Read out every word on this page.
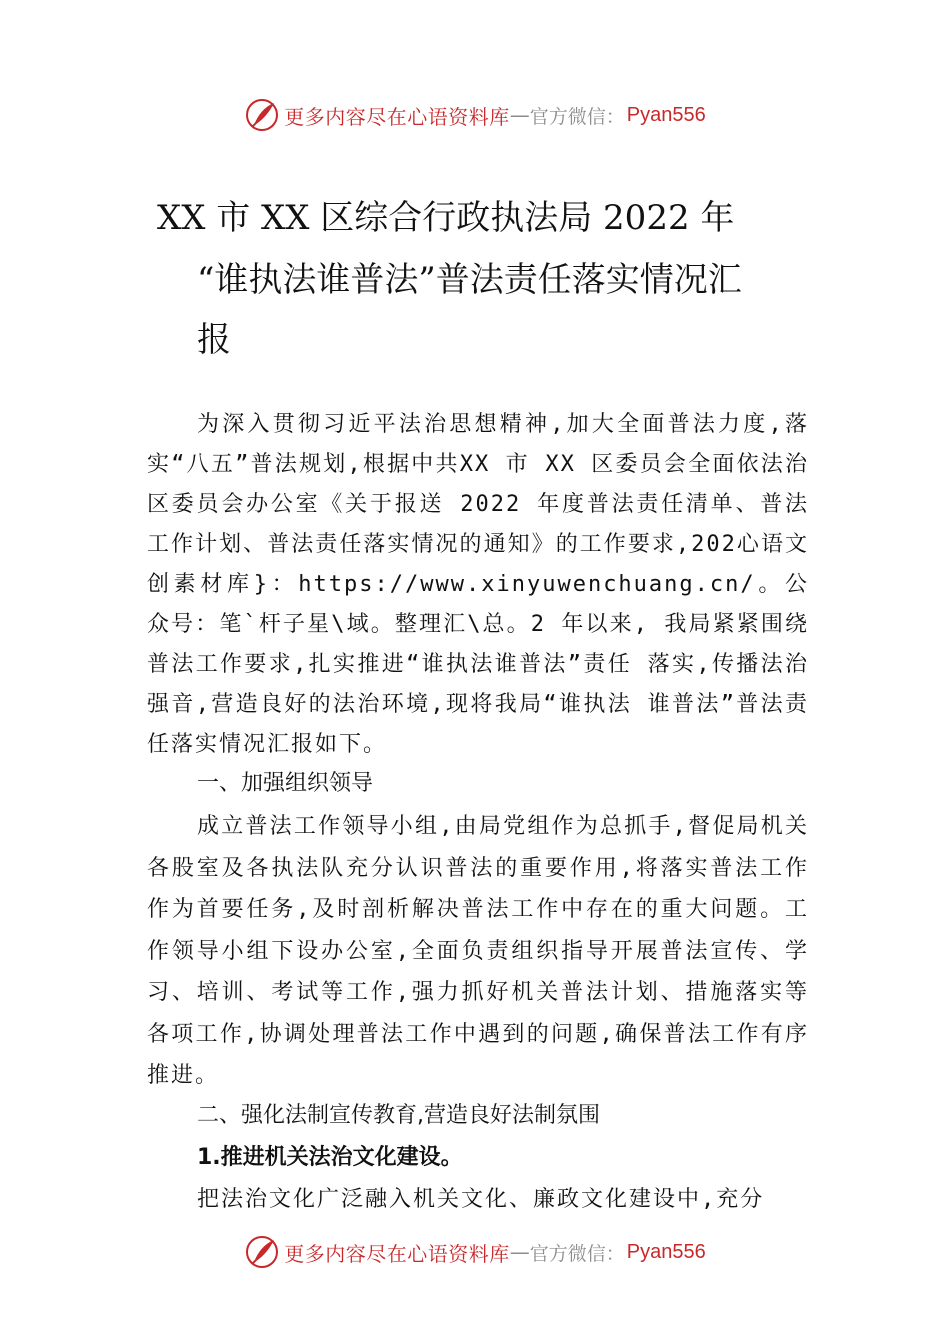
更多内容尽在心语资料库 — 官方微信： Pyan556
XX 市 XX 区综合行政执法局 2022 年
“谁执法谁普法”普法责任落实情况汇
报
为深入贯彻习近平法治思想精神,加大全面普法力度,落实“八五”普法规划,根据中共XX 市 XX 区委员会全面依法治区委员会办公室《关于报送 2022 年度普法责任清单、普法工作计划、普法责任落实情况的通知》的工作要求,202心语文创素材库}：https://www.xinyuwenchuang.cn/。公众号：笔`杆子星\域。整理汇\总。2 年以来, 我局紧紧围绕普法工作要求,扎实推进“谁执法谁普法”责任 落实,传播法治强音,营造良好的法治环境,现将我局“谁执法 谁普法”普法责任落实情况汇报如下。
一、加强组织领导
成立普法工作领导小组,由局党组作为总抓手,督促局机关各股室及各执法队充分认识普法的重要作用,将落实普法工作作为首要任务,及时剖析解决普法工作中存在的重大问题。工作领导小组下设办公室,全面负责组织指导开展普法宣传、学习、培训、考试等工作,强力抓好机关普法计划、措施落实等各项工作,协调处理普法工作中遇到的问题,确保普法工作有序推进。
二、强化法制宣传教育,营造良好法制氛围
1.推进机关法治文化建设。
把法治文化广泛融入机关文化、廉政文化建设中,充分
更多内容尽在心语资料库 — 官方微信： Pyan556
